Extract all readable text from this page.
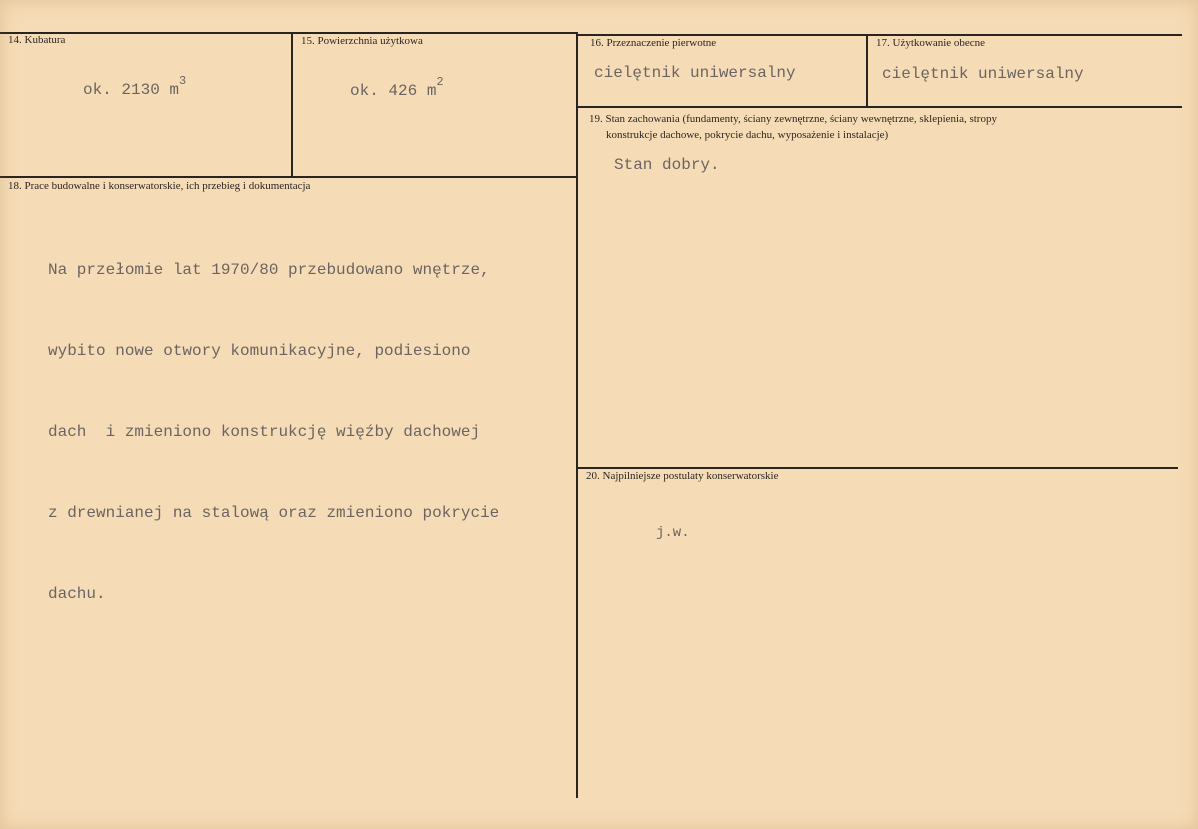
14. Kubatura
ok. 2130 $m^3$
15. Powierzchnia użytkowa
ok. 426 $m^2$
16. Przeznaczenie pierwotne
cielętnik uniwersalny
17. Użytkowanie obecne
cielętnik uniwersalny
18. Prace budowalne i konserwatorskie, ich przebieg i dokumentacja

Na przełomie lat 1970/80 przebudowano wnętrze,

wybito nowe otwory komunikacyjne, podiesiono

dach  i zmieniono konstrukcję więźby dachowej

z drewnianej na stalową oraz zmieniono pokrycie

dachu.

19. Stan zachowania (fundamenty, ściany zewnętrzne, ściany wewnętrzne, sklepienia, stropy
konstrukcje dachowe, pokrycie dachu, wyposażenie i instalacje)
Stan dobry.
20. Najpilniejsze postulaty konserwatorskie
j.w.
